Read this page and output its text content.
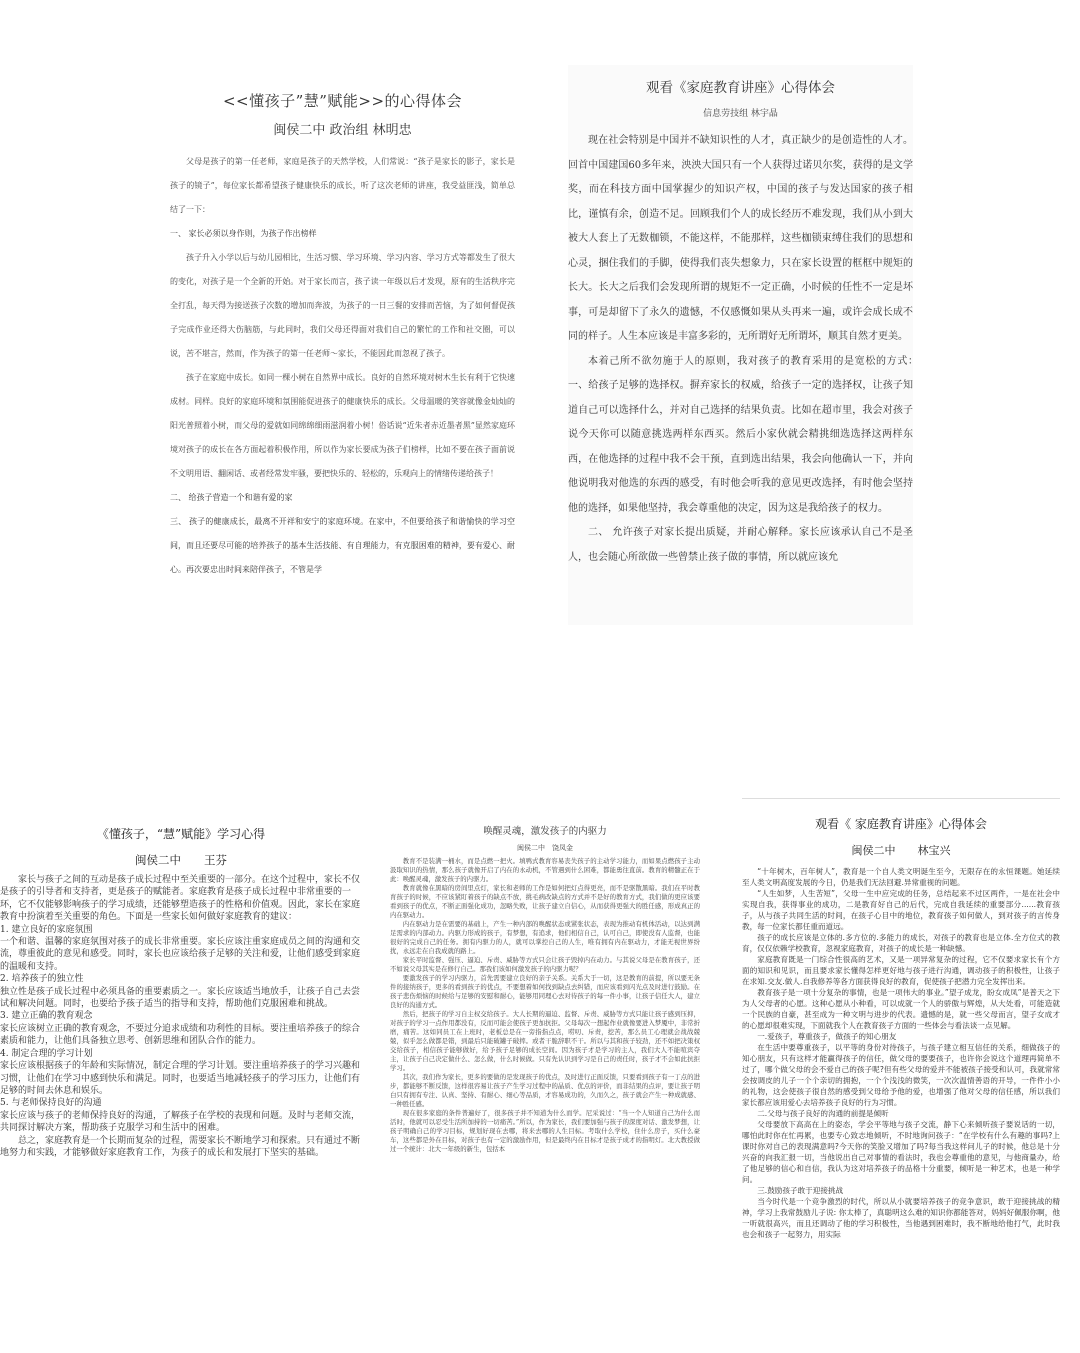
<<懂孩子”慧”赋能>>的心得体会

闽侯二中 政治组 林明忠

父母是孩子的第一任老师，家庭是孩子的天然学校，人们常说：“孩子是家长的影子，家长是孩子的镜子”，每位家长都希望孩子健康快乐的成长，听了这次老师的讲座，我受益匪浅，简单总结了一下：

一、 家长必须以身作则，为孩子作出榜样

孩子升入小学以后与幼儿园相比，生活习惯、学习环境、学习内容、学习方式等都发生了很大的变化，对孩子是一个全新的开始。对于家长而言，孩子读一年级以后才发现，原有的生活秩序完全打乱，每天得为接送孩子次数的增加而奔波，为孩子的一日三餐的安排而苦恼，为了如何督促孩子完成作业还得大伤脑筋，与此同时，我们父母还得面对我们自己的繁忙的工作和社交圈，可以说，苦不堪言，然而，作为孩子的第一任老师～家长，不能因此而忽视了孩子。

孩子在家庭中成长。如同一棵小树在自然界中成长。良好的自然环境对树木生长有利于它快速成材。同样。良好的家庭环境和氛围能促进孩子的健康快乐的成长。父母温暖的笑容就像金灿灿的阳光普照着小树，而父母的爱就如同绵绵细雨滋润着小树！俗话说“近朱者赤近墨者黑”显然家庭环境对孩子的成长在各方面起着积极作用，所以作为家长要成为孩子们榜样，比如不要在孩子面前说不文明用语、翻闲话、或者经常发牢骚，要把快乐的、轻松的，乐观向上的情绪传递给孩子！

二、 给孩子营造一个和谐有爱的家

三、 孩子的健康成长，最离不开祥和安宁的家庭环境。在家中，不但要给孩子和谐愉快的学习空间，而且还要尽可能的培养孩子的基本生活技能、有自理能力，有克服困难的精神，要有爱心、耐心。再次要忠出时间来陪伴孩子，不管是学

观看《家庭教育讲座》心得体会

信息劳技组 林宇晶

现在社会特别是中国并不缺知识性的人才，真正缺少的是创造性的人才。回首中国建国60多年来，泱泱大国只有一个人获得过诺贝尔奖，获得的是文学奖，而在科技方面中国掌握少的知识产权，中国的孩子与发达国家的孩子相比，谨慎有余，创造不足。回顾我们个人的成长经历不难发现，我们从小到大被大人套上了无数枷锁，不能这样，不能那样，这些枷锁束缚住我们的思想和心灵，捆住我们的手脚，使得我们丧失想象力，只在家长设置的框框中规矩的长大。长大之后我们会发现所谓的规矩不一定正确，小时候的任性不一定是坏事，可是却留下了永久的遗憾，不仅感慨如果从头再来一遍，或许会成长成不同的样子。人生本应该是丰富多彩的，无所谓好无所谓坏，顺其自然才更美。

本着己所不欲勿施于人的原则，我对孩子的教育采用的是宽松的方式：　　一、给孩子足够的选择权。摒弃家长的权威，给孩子一定的选择权，让孩子知道自己可以选择什么，并对自己选择的结果负责。比如在超市里，我会对孩子说今天你可以随意挑选两样东西买。然后小家伙就会精挑细选选择这两样东西，在他选择的过程中我不会干预，直到选出结果，我会向他确认一下，并向他说明我对他选的东西的感受，有时他会听我的意见更改选择，有时他会坚持他的选择，如果他坚持，我会尊重他的决定，因为这是我给孩子的权力。

二、 允许孩子对家长提出质疑，并耐心解释。家长应该承认自己不是圣人，也会随心所欲做一些曾禁止孩子做的事情，所以就应该允

《懂孩子，“慧”赋能》学习心得

闽侯二中　　王芬

家长与孩子之间的互动是孩子成长过程中至关重要的一部分。在这个过程中，家长不仅是孩子的引导者和支持者，更是孩子的赋能者。家庭教育是孩子成长过程中非常重要的一环，它不仅能够影响孩子的学习成绩，还能够塑造孩子的性格和价值观。因此，家长在家庭教育中扮演着至关重要的角色。下面是一些家长如何做好家庭教育的建议：

1. 建立良好的家庭氛围

一个和谐、温馨的家庭氛围对孩子的成长非常重要。家长应该注重家庭成员之间的沟通和交流，尊重彼此的意见和感受。同时，家长也应该给孩子足够的关注和爱，让他们感受到家庭的温暖和支持。

2. 培养孩子的独立性

独立性是孩子成长过程中必须具备的重要素质之一。家长应该适当地放手，让孩子自己去尝试和解决问题。同时，也要给予孩子适当的指导和支持，帮助他们克服困难和挑战。

3. 建立正确的教育观念

家长应该树立正确的教育观念，不要过分追求成绩和功利性的目标。要注重培养孩子的综合素质和能力，让他们具备独立思考、创新思维和团队合作的能力。

4. 制定合理的学习计划

家长应该根据孩子的年龄和实际情况，制定合理的学习计划。要注重培养孩子的学习兴趣和习惯，让他们在学习中感到快乐和满足。同时，也要适当地减轻孩子的学习压力，让他们有足够的时间去休息和娱乐。

5. 与老师保持良好的沟通

家长应该与孩子的老师保持良好的沟通，了解孩子在学校的表现和问题。及时与老师交流，共同探讨解决方案，帮助孩子克服学习和生活中的困难。

总之，家庭教育是一个长期而复杂的过程，需要家长不断地学习和探索。只有通过不断地努力和实践，才能够做好家庭教育工作，为孩子的成长和发展打下坚实的基础。

唤醒灵魂，激发孩子的内驱力

闽侯二中　饶凤金

教育不是装满一桶水，而是点燃一把火。填鸭式教育容易丧失孩子的主动学习能力，而如果点燃孩子主动汲取知识的热情，那么孩子就像开启了内在的永动机，不管遇到什么困难，都能勇往直前。教育的精髓正在于此：唤醒灵魂，激发孩子的内驱力。

教育就像在黑暗的房间里点灯，家长和老师的工作是如何把灯点得更亮，而不是驱散黑暗。我们在平时教育孩子的时候，不应该紧盯着孩子的缺点不放，挑毛病改缺点的方式并不是好的教育方式，我们做的更应该要看到孩子的优点，不断正面强化成功，忽略失败，让孩子建立自信心，从而获得更强大的胜任感，形成真正的内在驱动力。

内在驱动力是在需要的基础上，产生一种内部的唤醒状态或紧张状态，表现为推动有机体活动，以达到满足需求的内部动力。内驱力形成的孩子，有梦想，有追求，他们相信自己，认可自己，即使没有人监督，也能很好的完成自己的任务。拥有内驱力的人，就可以掌控自己的人生，唯有拥有内在驱动力，才能无视世界纷扰，永远走在自我成就的路上。

家长平时监督、强压、逼迫、斥责、威胁等方式只会让孩子毁掉内在动力。与其说父母是在教育孩子，还不如说父母其实是在修行自己。那我们该如何激发孩子的内驱力呢？

要激发孩子的学习内驱力，首先需要建立良好的亲子关系。关系大于一切，这是教育的前提，所以要无条件的接纳孩子，更多的看到孩子的优点，不要想着如何找到缺点去纠错，而应该看到闪光点及时进行鼓励。在孩子悲伤烦恼的时候给与足够的安慰和耐心，能够用同理心去对待孩子的每一件小事，让孩子信任大人，建立良好的沟通方式。

然后，把孩子的学习自主权交给孩子。大人长期的逼迫、监督、斥责、威胁等方式只能让孩子感到压抑，对孩子的学习一点作用都没有，反而可能会使孩子更加抗拒。父母每次一想起作业就像要进入梦魇中，非常折磨，痛苦。这如同员工在上班时，老板总是在一旁指指点点，唠叨、斥责，挖苦，那么员工心理就会战战兢兢，似乎怎么做都是错，到最后只能破罐子破摔。或者干脆辞职不干。所以与其和孩子较劲，还不如把决策权交给孩子，相信孩子能够做好，给予孩子足够的成长空间。因为孩子才是学习的主人，我们大人不能喧宾夺主，让孩子自己决定做什么、怎么做，什么时候做。只有先认识到学习是自己的责任时，孩子才不会如此抗拒学习。

其次，我们作为家长，更多的要做的是发现孩子的优点，及时进行正面反馈，只要看到孩子有一丁点的进步，都能够不断反馈，这样很容易让孩子产生学习过程中的晶质、优点的评价，而非结果的点评，要让孩子明白只有拥有专注、认真、坚持、有耐心、细心等品质，才容易成功的，久而久之，孩子就会产生一种成就感、一种胜任感。

现在很多家庭的条件普遍好了，很多孩子并不知道为什么而学。尼采说过：“当一个人知道自己为什么而活时，他就可以忍受生活所加持的一切痛苦。”所以，作为家长，我们要加强与孩子的深度对话、激发梦想，让孩子明确自己的学习目标，规划好现在去哪，将来去哪的人生目标。考取什么学校，住什么房子，买什么豪车，这些都是外在目标，对孩子也有一定的激励作用，但是最终内在目标才是孩子成才的指明灯。北大教授做过一个统计：北大一年级的新生，包括本

观看《 家庭教育讲座》心得体会

闽侯二中　　林宝兴

“十年树木，百年树人”，教育是一个自人类文明诞生至今，无限存在的永恒课题。她延续至人类文明高度发展的今日，仍是我们无法回避.异常重视的问题。

“人生如梦，人生苦短”，父母一生中应完成的任务，总结起来不过区两件，一是在社会中实现自我，获得事业的成功，二是教育好自己的后代，完成自我延续的重要部分......教育孩子，从与孩子共同生活的时间，在孩子心目中的地位，教育孩子如何做人，到对孩子的言传身教，每一位家长都任重而道远。

孩子的成长应该是立体的.多方位的.多能力的成长，对孩子的教育也是立体.全方位式的教育，仅仅依赖学校教育，忽视家庭教育，对孩子的成长是一种缺憾。

家庭教育既是一门综合性很高的艺术，又是一项异常复杂的过程，它不仅要求家长有个方面的知识和见识，而且要求家长懂得怎样更好地与孩子进行沟通，调动孩子的积极性，让孩子在求知.交友.做人.自我修养等各方面获得良好的教育，促使孩子把潜力完全发挥出来。

教育孩子是一项十分复杂的事情，也是一项伟大的事业。”望子成龙，盼女成凤”是普天之下为人父母者的心愿。这种心愿从小种看，可以成就一个人的骄傲与辉煌，从大处看，可能造就一个民族的自豪，甚至成为一种文明与进步的代表。遗憾的是，就一些父母而言，望子女成才的心愿却很难实现，下面就我个人在教育孩子方面的一些体会与看法谈一点见解。

一.爱孩子，尊重孩子，做孩子的知心朋友

在生活中要尊重孩子，以平等的身份对待孩子，与孩子建立相互信任的关系，细做孩子的知心朋友，只有这样才能赢得孩子的信任，做父母的要要孩子，也许你会说这个道理再简单不过了，哪个做父母的会不爱自己的孩子呢?但有些父母的爱并不能被孩子接受和认可，我就常常会按调皮的儿子一个个亲切的拥抱，一个个浅浅的微笑，一次次温情善语的开导，一件件小小的礼物，这会使孩子很自然的感受到父母给予他的爱，也增强了他对父母的信任感，所以我们家长都应该用爱心去培养孩子良好的行为习惯。

二.父母与孩子良好的沟通的前提是倾听

父母要放下高高在上的姿态，学会平等地与孩子交流，静下心来倾听孩子要说话的一切，哪怕此时你在忙再累，也要专心致志地倾听，不时地询问孩子：“在学校有什么有趣的事吗?上课时你对自己的表现满意吗?今天你的笑脸又增加了吗?每当我这样问儿子的时候，他总是十分兴奋的向我汇报一切，当他说出自己对事情的看法时，我也会尊重他的意见，与他商量办，给了他足够的信心和自信，我认为这对培养孩子的品格十分重要，倾听是一种艺术，也是一种学问。

三.鼓励孩子敢于迎接挑战

当今时代是一个竞争激烈的时代，所以从小就要培养孩子的竞争意识，敢于迎接挑战的精神，学习上我常鼓励儿子说: 你太棒了，真聪明这么难的知识你都能答对，妈妈好佩服你啊，他一听就很高兴，而且还调动了他的学习积极性，当他遇到困难时，我不断地给他打气，此时我也会和孩子一起努力，用实际
